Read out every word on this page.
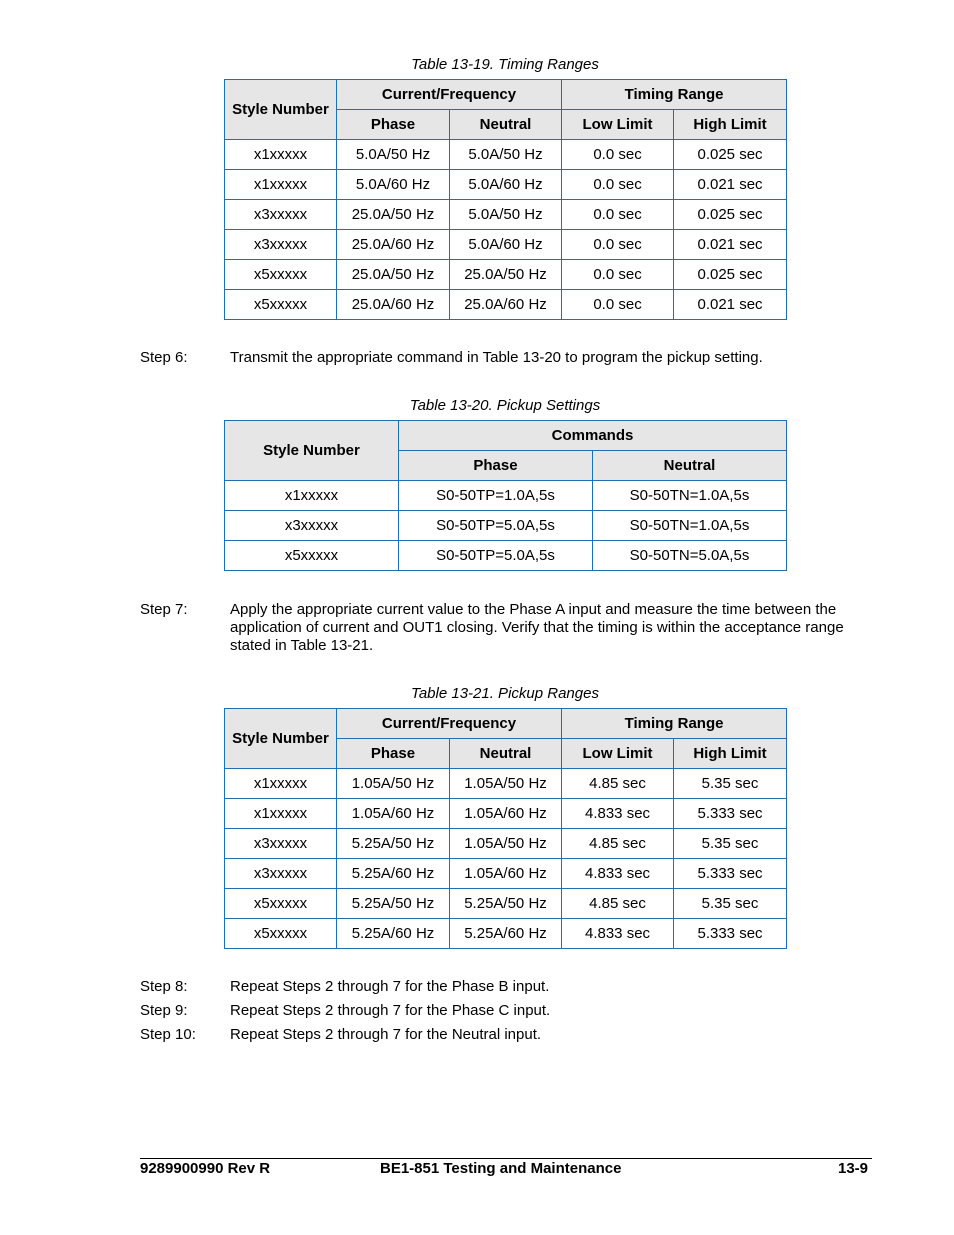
Table 13-19. Timing Ranges
Style Number	Current/Frequency		Timing Range	
	Phase	Neutral	Low Limit	High Limit
x1xxxxx	5.0A/50 Hz	5.0A/50 Hz	0.0 sec	0.025 sec
x1xxxxx	5.0A/60 Hz	5.0A/60 Hz	0.0 sec	0.021 sec
x3xxxxx	25.0A/50 Hz	5.0A/50 Hz	0.0 sec	0.025 sec
x3xxxxx	25.0A/60 Hz	5.0A/60 Hz	0.0 sec	0.021 sec
x5xxxxx	25.0A/50 Hz	25.0A/50 Hz	0.0 sec	0.025 sec
x5xxxxx	25.0A/60 Hz	25.0A/60 Hz	0.0 sec	0.021 sec
Step 6:	Transmit the appropriate command in Table 13-20 to program the pickup setting.
Table 13-20. Pickup Settings
Style Number	Commands	
	Phase	Neutral
x1xxxxx	S0-50TP=1.0A,5s	S0-50TN=1.0A,5s
x3xxxxx	S0-50TP=5.0A,5s	S0-50TN=1.0A,5s
x5xxxxx	S0-50TP=5.0A,5s	S0-50TN=5.0A,5s
Step 7:	Apply the appropriate current value to the Phase A input and measure the time between the application of current and OUT1 closing. Verify that the timing is within the acceptance range stated in Table 13-21.
Table 13-21. Pickup Ranges
Style Number	Current/Frequency		Timing Range	
	Phase	Neutral	Low Limit	High Limit
x1xxxxx	1.05A/50 Hz	1.05A/50 Hz	4.85 sec	5.35 sec
x1xxxxx	1.05A/60 Hz	1.05A/60 Hz	4.833 sec	5.333 sec
x3xxxxx	5.25A/50 Hz	1.05A/50 Hz	4.85 sec	5.35 sec
x3xxxxx	5.25A/60 Hz	1.05A/60 Hz	4.833 sec	5.333 sec
x5xxxxx	5.25A/50 Hz	5.25A/50 Hz	4.85 sec	5.35 sec
x5xxxxx	5.25A/60 Hz	5.25A/60 Hz	4.833 sec	5.333 sec
Step 8:	Repeat Steps 2 through 7 for the Phase B input.
Step 9:	Repeat Steps 2 through 7 for the Phase C input.
Step 10:	Repeat Steps 2 through 7 for the Neutral input.
9289900990 Rev R	BE1-851 Testing and Maintenance	13-9
